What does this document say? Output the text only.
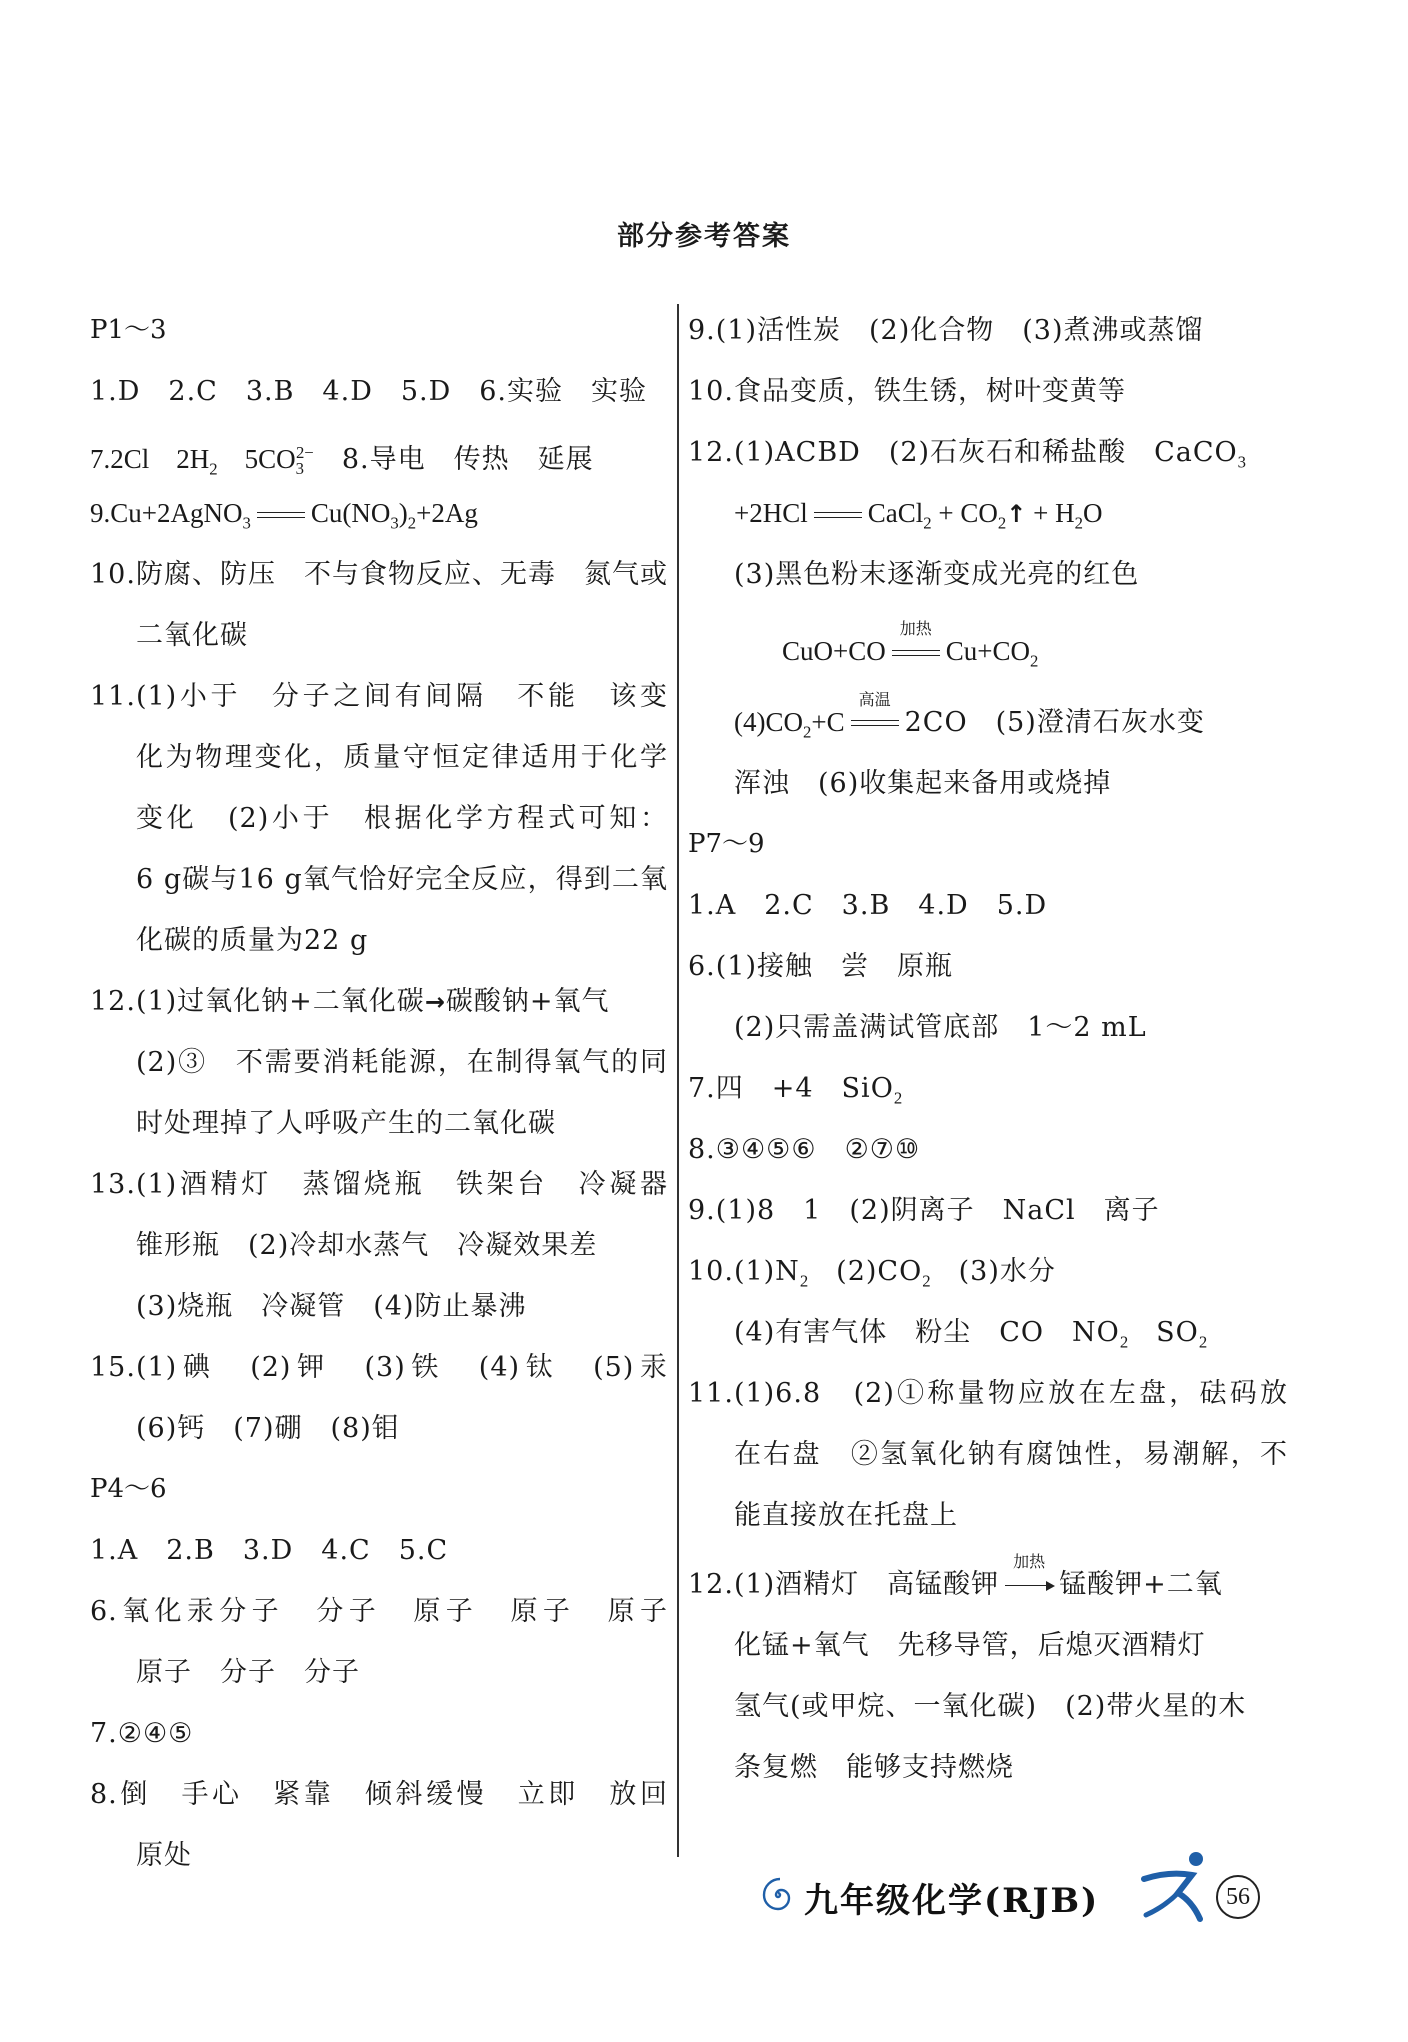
部分参考答案
P1～3
1.D　2.C　3.B　4.D　5.D　6.实验　实验
7.2Cl　$2H_2$　$5CO_3^{2-}$　8.导电　传热　延展
9.Cu+2AgNO$_3$ $Cu(NO_3)_2+2Ag$
10.防腐、防压　不与食物反应、无毒　氮气或
二氧化碳
11.(1)小于　分子之间有间隔　不能　该变
化为物理变化，质量守恒定律适用于化学
变化　(2)小于　根据化学方程式可知：
6 g碳与16 g氧气恰好完全反应，得到二氧
化碳的质量为22 g
12.(1)过氧化钠+二氧化碳→碳酸钠+氧气
(2)③　不需要消耗能源，在制得氧气的同
时处理掉了人呼吸产生的二氧化碳
13.(1)酒精灯　蒸馏烧瓶　铁架台　冷凝器
锥形瓶　(2)冷却水蒸气　冷凝效果差
(3)烧瓶　冷凝管　(4)防止暴沸
15.(1)碘　(2)钾　(3)铁　(4)钛　(5)汞
(6)钙　(7)硼　(8)钼
P4～6
1.A　2.B　3.D　4.C　5.C
6.氧化汞分子　分子　原子　原子　原子
原子　分子　分子
7.②④⑤
8.倒　手心　紧靠　倾斜缓慢　立即　放回
原处
9.(1)活性炭　(2)化合物　(3)煮沸或蒸馏
10.食品变质，铁生锈，树叶变黄等
12.(1)ACBD　(2)石灰石和稀盐酸　CaCO$_3$
+2HCl CaCl$_2$ + $CO_2↑ + H_2O$
(3)黑色粉末逐渐变成光亮的红色
CuO+CO
加热
$Cu+CO_2$
$(4)CO_2+C$
高温
2CO　(5)澄清石灰水变
浑浊　(6)收集起来备用或烧掉
P7～9
1.A　2.C　3.B　4.D　5.D
6.(1)接触　尝　原瓶
(2)只需盖满试管底部　1～2 mL
7.四　+4　SiO$_2$
8.③④⑤⑥　②⑦⑩
9.(1)8　1　(2)阴离子　NaCl　离子
$10.(1)N_2$　$(2)CO_2$　(3)水分
(4)有害气体　粉尘　CO　$NO_2$　$SO_2$
11.(1)6.8　(2)①称量物应放在左盘，砝码放
在右盘　②氢氧化钠有腐蚀性，易潮解，不
能直接放在托盘上
12.(1)酒精灯　高锰酸钾
加热
锰酸钾+二氧
化锰+氧气　先移导管，后熄灭酒精灯
氢气(或甲烷、一氧化碳)　(2)带火星的木
条复燃　能够支持燃烧
九年级化学(RJB)	56
